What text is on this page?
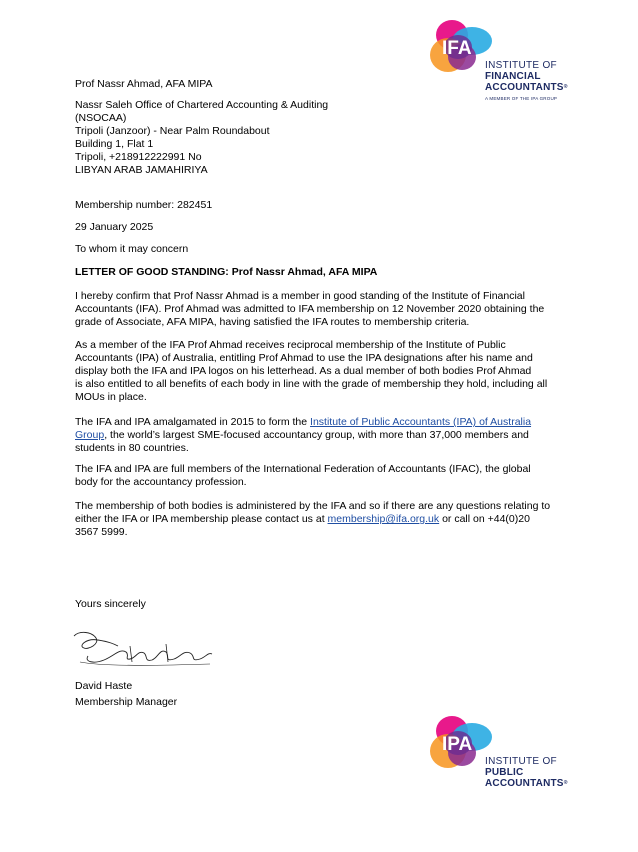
IFA
INSTITUTE OF
FINANCIAL
ACCOUNTANTS®
A MEMBER OF THE IPA GROUP
Prof Nassr Ahmad, AFA MIPA
Nassr Saleh Office of Chartered Accounting & Auditing
(NSOCAA)
Tripoli (Janzoor) - Near Palm Roundabout
Building 1, Flat 1
Tripoli, +218912222991 No
LIBYAN ARAB JAMAHIRIYA
Membership number: 282451
29 January 2025
To whom it may concern
LETTER OF GOOD STANDING: Prof Nassr Ahmad, AFA MIPA
I hereby confirm that Prof Nassr Ahmad is a member in good standing of the Institute of Financial
Accountants (IFA). Prof Ahmad was admitted to IFA membership on 12 November 2020 obtaining the
grade of Associate, AFA MIPA, having satisfied the IFA routes to membership criteria.
As a member of the IFA Prof Ahmad receives reciprocal membership of the Institute of Public
Accountants (IPA) of Australia, entitling Prof Ahmad to use the IPA designations after his name and
display both the IFA and IPA logos on his letterhead. As a dual member of both bodies Prof Ahmad
is also entitled to all benefits of each body in line with the grade of membership they hold, including all
MOUs in place.
The IFA and IPA amalgamated in 2015 to form the Institute of Public Accountants (IPA) of Australia
Group, the world’s largest SME-focused accountancy group, with more than 37,000 members and
students in 80 countries.
The IFA and IPA are full members of the International Federation of Accountants (IFAC), the global
body for the accountancy profession.
The membership of both bodies is administered by the IFA and so if there are any questions relating to
either the IFA or IPA membership please contact us at membership@ifa.org.uk or call on +44(0)20
3567 5999.
Yours sincerely
David Haste
Membership Manager
IPA
INSTITUTE OF
PUBLIC
ACCOUNTANTS®
